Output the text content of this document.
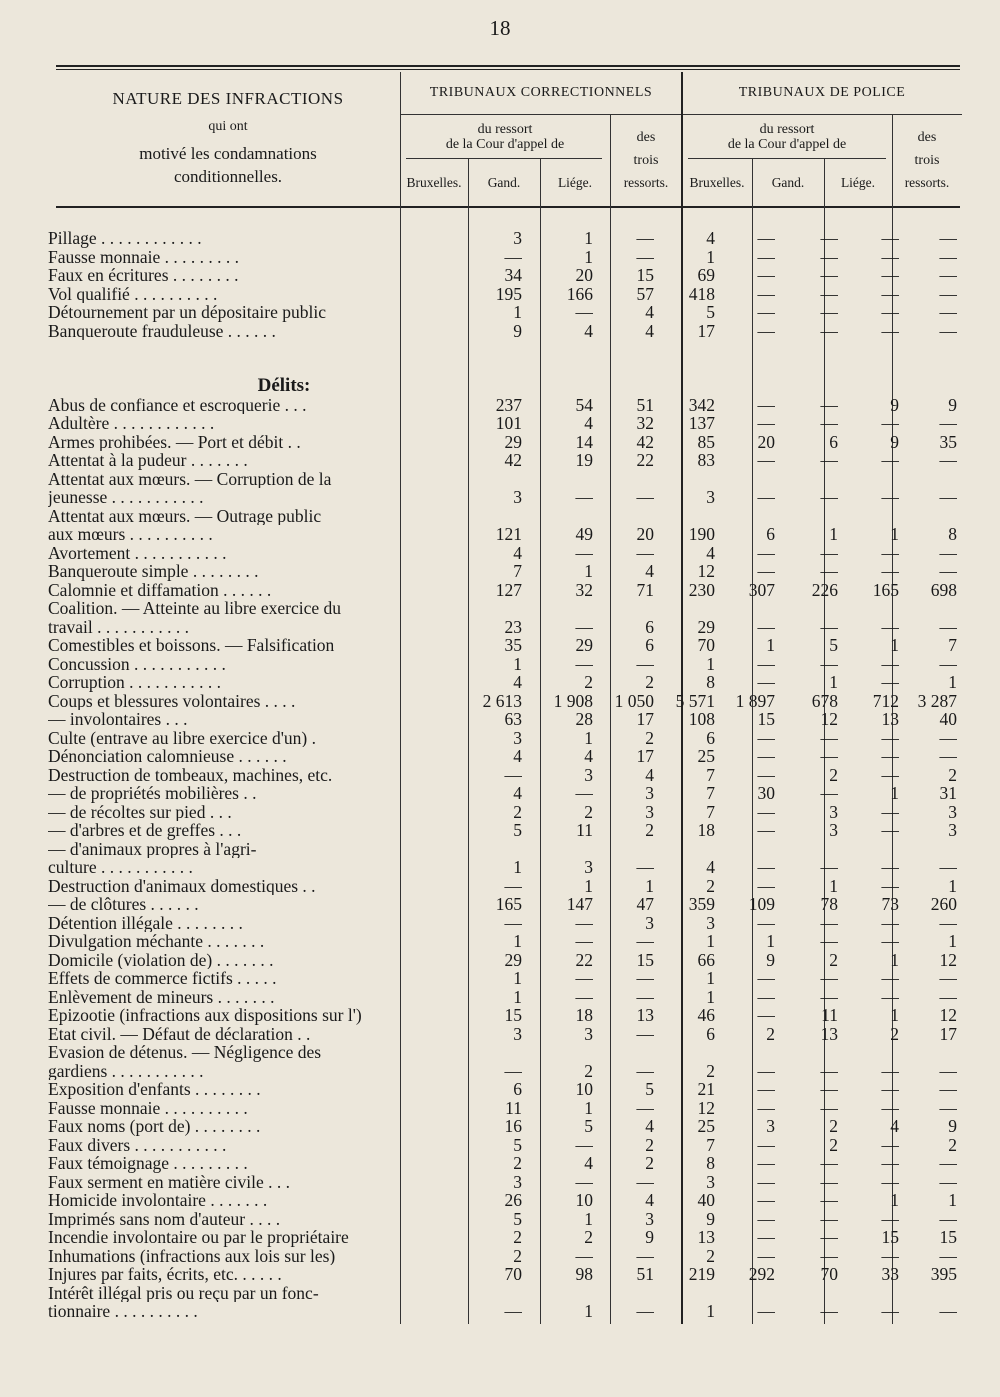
18
NATURE DES INFRACTIONS
qui ont
motivé les condamnations
conditionnelles.
TRIBUNAUX CORRECTIONNELS	TRIBUNAUX DE POLICE
du ressort
de la Cour d'appel de	des
trois
Bruxelles.	Gand.	Liége.	ressorts.
du ressort
de la Cour d'appel de	des
trois
Bruxelles.	Gand.	Liége.	ressorts.
Pillage . . . . . . . . . . . .	3	1	—	4	—	—	—	—
Fausse monnaie . . . . . . . . .	—	1	—	1	—	—	—	—
Faux en écritures . . . . . . . .	34	20	15	69	—	—	—	—
Vol qualifié . . . . . . . . . .	195	166	57	418	—	—	—	—
Détournement par un dépositaire public	1	—	4	5	—	—	—	—
Banqueroute frauduleuse . . . . . .	9	4	4	17	—	—	—	—

Délits:								
Abus de confiance et escroquerie . . .	237	54	51	342	—	—	9	9
Adultère . . . . . . . . . . . .	101	4	32	137	—	—	—	—
Armes prohibées. — Port et débit . .	29	14	42	85	20	6	9	35
Attentat à la pudeur . . . . . . .	42	19	22	83	—	—	—	—
Attentat aux mœurs. — Corruption de la								
jeunesse . . . . . . . . . . .	3	—	—	3	—	—	—	—
Attentat aux mœurs. — Outrage public								
aux mœurs . . . . . . . . . .	121	49	20	190	6	1	1	8
Avortement . . . . . . . . . . .	4	—	—	4	—	—	—	—
Banqueroute simple . . . . . . . .	7	1	4	12	—	—	—	—
Calomnie et diffamation . . . . . .	127	32	71	230	307	226	165	698
Coalition. — Atteinte au libre exercice du								
travail . . . . . . . . . . .	23	—	6	29	—	—	—	—
Comestibles et boissons. — Falsification	35	29	6	70	1	5	1	7
Concussion . . . . . . . . . . .	1	—	—	1	—	—	—	—
Corruption . . . . . . . . . . .	4	2	2	8	—	1	—	1
Coups et blessures volontaires . . . .	2 613	1 908	1 050	5 571	1 897	678	712	3 287
— involontaires . . .	63	28	17	108	15	12	13	40
Culte (entrave au libre exercice d'un) .	3	1	2	6	—	—	—	—
Dénonciation calomnieuse . . . . . .	4	4	17	25	—	—	—	—
Destruction de tombeaux, machines, etc.	—	3	4	7	—	2	—	2
— de propriétés mobilières . .	4	—	3	7	30	—	1	31
— de récoltes sur pied . . .	2	2	3	7	—	3	—	3
— d'arbres et de greffes . . .	5	11	2	18	—	3	—	3
— d'animaux propres à l'agri-								
culture . . . . . . . . . . .	1	3	—	4	—	—	—	—
Destruction d'animaux domestiques . .	—	1	1	2	—	1	—	1
— de clôtures . . . . . .	165	147	47	359	109	78	73	260
Détention illégale . . . . . . . .	—	—	3	3	—	—	—	—
Divulgation méchante . . . . . . .	1	—	—	1	1	—	—	1
Domicile (violation de) . . . . . . .	29	22	15	66	9	2	1	12
Effets de commerce fictifs . . . . .	1	—	—	1	—	—	—	—
Enlèvement de mineurs . . . . . . .	1	—	—	1	—	—	—	—
Epizootie (infractions aux dispositions sur l')	15	18	13	46	—	11	1	12
Etat civil. — Défaut de déclaration . .	3	3	—	6	2	13	2	17
Evasion de détenus. — Négligence des								
gardiens . . . . . . . . . . .	—	2	—	2	—	—	—	—
Exposition d'enfants . . . . . . . .	6	10	5	21	—	—	—	—
Fausse monnaie . . . . . . . . . .	11	1	—	12	—	—	—	—
Faux noms (port de) . . . . . . . .	16	5	4	25	3	2	4	9
Faux divers . . . . . . . . . . .	5	—	2	7	—	2	—	2
Faux témoignage . . . . . . . . .	2	4	2	8	—	—	—	—
Faux serment en matière civile . . .	3	—	—	3	—	—	—	—
Homicide involontaire . . . . . . .	26	10	4	40	—	—	1	1
Imprimés sans nom d'auteur . . . .	5	1	3	9	—	—	—	—
Incendie involontaire ou par le propriétaire	2	2	9	13	—	—	15	15
Inhumations (infractions aux lois sur les)	2	—	—	2	—	—	—	—
Injures par faits, écrits, etc. . . . . .	70	98	51	219	292	70	33	395
Intérêt illégal pris ou reçu par un fonc-								
tionnaire . . . . . . . . . .	—	1	—	1	—	—	—	—
